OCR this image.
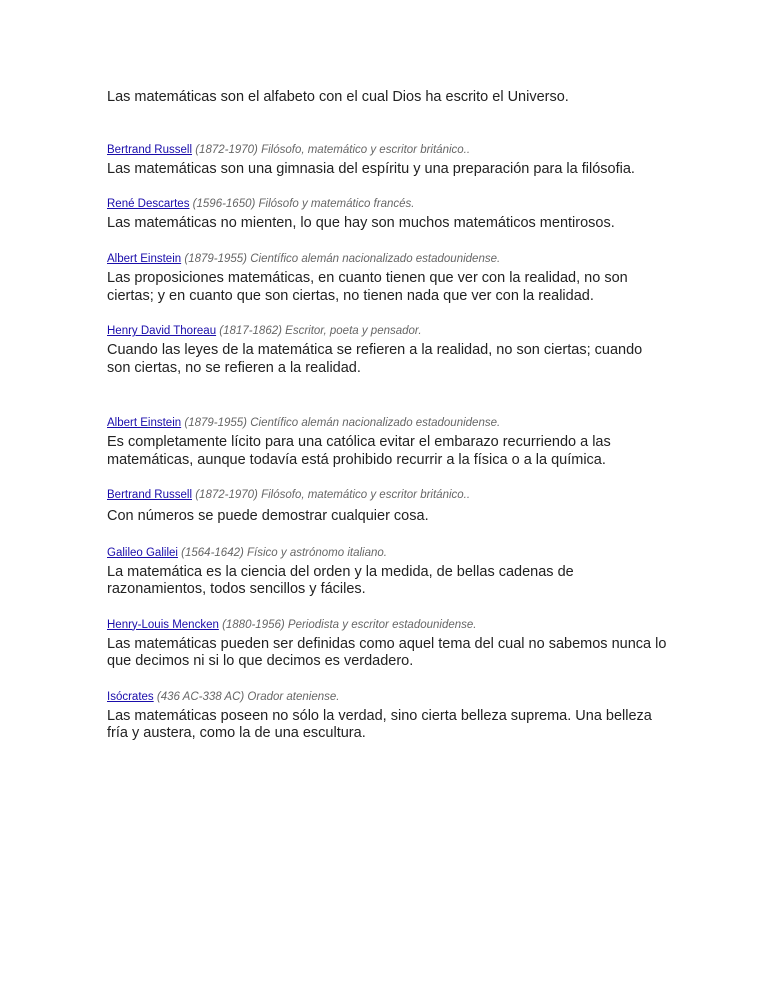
Las matemáticas son el alfabeto con el cual Dios ha escrito el Universo.

Bertrand Russell (1872-1970) Filósofo, matemático y escritor británico..

Las matemáticas son una gimnasia del espíritu y una preparación para la filósofia.

René Descartes (1596-1650) Filósofo y matemático francés.

Las matemáticas no mienten, lo que hay son muchos matemáticos mentirosos.

Albert Einstein (1879-1955) Científico alemán nacionalizado estadounidense.

Las proposiciones matemáticas, en cuanto tienen que ver con la realidad, no son ciertas; y en cuanto que son ciertas, no tienen nada que ver con la realidad.

Henry David Thoreau (1817-1862) Escritor, poeta y pensador.

Cuando las leyes de la matemática se refieren a la realidad, no son ciertas; cuando son ciertas, no se refieren a la realidad.

Albert Einstein (1879-1955) Científico alemán nacionalizado estadounidense.

Es completamente lícito para una católica evitar el embarazo recurriendo a las matemáticas, aunque todavía está prohibido recurrir a la física o a la química.

Bertrand Russell (1872-1970) Filósofo, matemático y escritor británico..

Con números se puede demostrar cualquier cosa.

Galileo Galilei (1564-1642) Físico y astrónomo italiano.

La matemática es la ciencia del orden y la medida, de bellas cadenas de razonamientos, todos sencillos y fáciles.

Henry-Louis Mencken (1880-1956) Periodista y escritor estadounidense.

Las matemáticas pueden ser definidas como aquel tema del cual no sabemos nunca lo que decimos ni si lo que decimos es verdadero.

Isócrates (436 AC-338 AC) Orador ateniense.

Las matemáticas poseen no sólo la verdad, sino cierta belleza suprema. Una belleza fría y austera, como la de una escultura.
